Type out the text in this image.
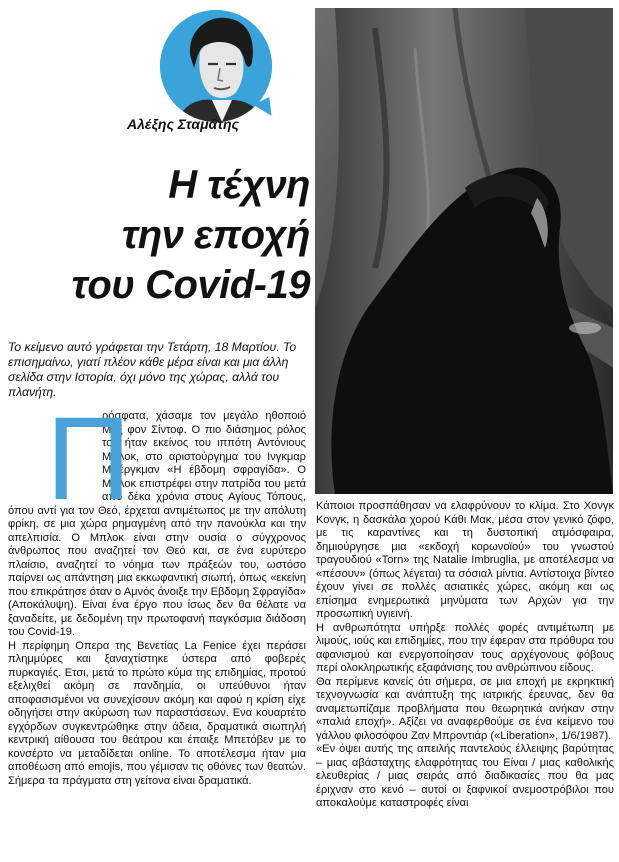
Αλέξης Σταμάτης
Η τέχνη
την εποχή
του Covid-19
Το κείμενο αυτό γράφεται την Τετάρτη, 18 Μαρτίου. Το επισημαίνω, γιατί πλέον κάθε μέρα είναι και μια άλλη σελίδα στην Ιστορία, όχι μόνο της χώρας, αλλά του πλανήτη.
Π

ρόσφατα, χάσαμε τον μεγάλο ηθοποιό Μαξ φον Σίντοφ. Ο πιο διάσημος ρόλος του ήταν εκείνος του ιππότη Αντόνιους Μπλοκ, στο αριστούργημα του Ινγκμαρ Μπέργκμαν «Η έβδομη σφραγίδα». Ο Μπλοκ επιστρέφει στην πατρίδα του μετά από δέκα χρόνια στους Αγίους Τόπους, όπου αντί για τον Θεό, έρχεται αντιμέτωπος με την απόλυτη φρίκη, σε μια χώρα ρημαγμένη από την πανούκλα και την απελπισία. Ο Μπλοκ είναι στην ουσία ο σύγχρονος άνθρωπος που αναζητεί τον Θεό και, σε ένα ευρύτερο πλαίσιο, αναζητεί το νόημα των πράξεών του, ωστόσο παίρνει ως απάντηση μια εκκωφαντική σιωπή, όπως «εκείνη που επικράτησε όταν ο Αμνός άνοιξε την Εβδομη Σφραγίδα» (Αποκάλυψη). Είναι ένα έργο που ίσως δεν θα θέλατε να ξαναδείτε, με δεδομένη την πρωτοφανή παγκόσμια διάδοση του Covid-19.

Η περίφημη Οπερα της Βενετίας La Fenice έχει περάσει πλημμύρες και ξαναχτίστηκε ύστερα από φοβερές πυρκαγιές. Ετσι, μετά το πρώτο κύμα της επιδημίας, προτού εξελιχθεί ακόμη σε πανδημία, οι υπεύθυνοι ήταν αποφασισμένοι να συνεχίσουν ακόμη και αφού η κρίση είχε οδηγήσει στην ακύρωση των παραστάσεων. Ενα κουαρτέτο εγχόρδων συγκεντρώθηκε στην άδεια, δραματικά σιωπηλή κεντρική αίθουσα του θεάτρου και έπαιξε Μπετόβεν με το κονσέρτο να μεταδίδεται online. Το αποτέλεσμα ήταν μια αποθέωση από emojis, που γέμισαν τις οθόνες των θεατών. Σήμερα τα πράγματα στη γείτονα είναι δραματικά.

Κάποιοι προσπάθησαν να ελαφρύνουν το κλίμα. Στο Χονγκ Κονγκ, η δασκάλα χορού Κάθι Μακ, μέσα στον γενικό ζόφο, με τις καραντίνες και τη δυστοπική ατμόσφαιρα, δημιούργησε μια «εκδοχή κορωνοϊού» του γνωστού τραγουδιού «Torn» της Natalie Imbruglia, με αποτέλεσμα να «πέσουν» (όπως λέγεται) τα σόσιαλ μίντια. Αντίστοιχα βίντεο έχουν γίνει σε πολλές ασιατικές χώρες, ακόμη και ως επίσημα ενημερωτικά μηνύματα των Αρχών για την προσωπική υγιεινή.

Η ανθρωπότητα υπήρξε πολλές φορές αντιμέτωπη με λιμούς, ιούς και επιδημίες, που την έφεραν στα πρόθυρα του αφανισμού και ενεργοποίησαν τους αρχέγονους φόβους περί ολοκληρωτικής εξαφάνισης του ανθρώπινου είδους.

Θα περίμενε κανείς ότι σήμερα, σε μια εποχή με εκρηκτική τεχνογνωσία και ανάπτυξη της ιατρικής έρευνας, δεν θα αναμετωπίζαμε προβλήματα που θεωρητικά ανήκαν στην «παλιά εποχή». Αξίζει να αναφερθούμε σε ένα κείμενο του γάλλου φιλοσόφου Ζαν Μπροντιάρ («Liberation», 1/6/1987).

«Εν όψει αυτής της απειλής παντελούς έλλειψης βαρύτητας – μιας αβάσταχτης ελαφρότητας του Είναι / μιας καθολικής ελευθερίας / μιας σειράς από διαδικασίες που θα μας έριχναν στο κενό – αυτοί οι ξαφνικοί ανεμοστρόβιλοι που αποκαλούμε καταστροφές είναι
